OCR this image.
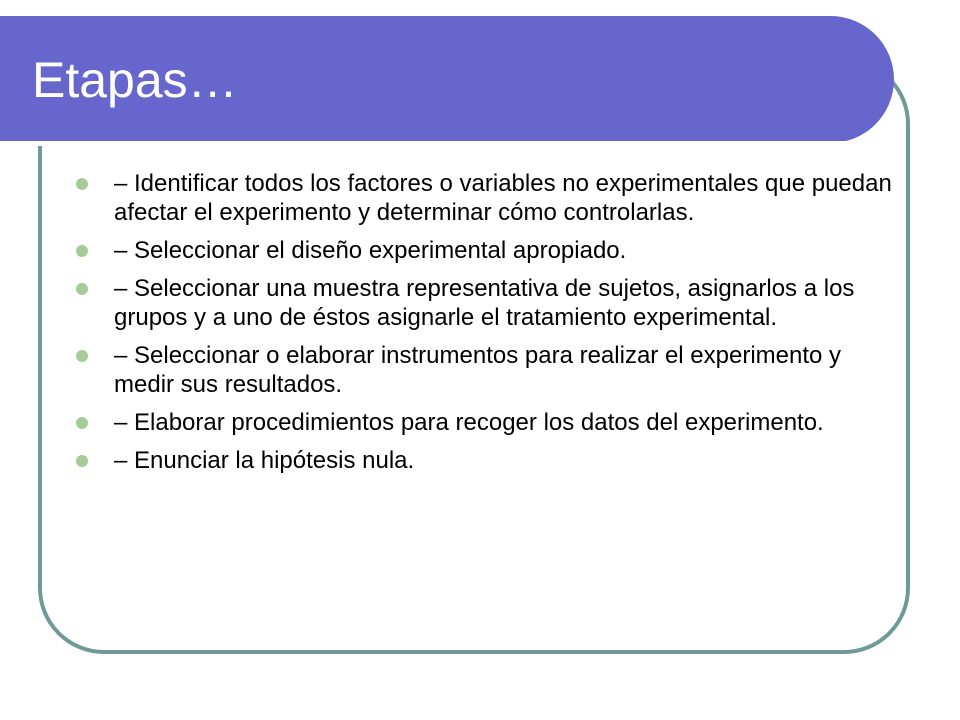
Etapas…
– Identificar todos los factores o variables no experimentales que puedan afectar el experimento y determinar cómo controlarlas.
– Seleccionar el diseño experimental apropiado.
– Seleccionar una muestra representativa de sujetos, asignarlos a los grupos y a uno de éstos asignarle el tratamiento experimental.
– Seleccionar o elaborar instrumentos para realizar el experimento y medir sus resultados.
– Elaborar procedimientos para recoger los datos del experimento.
– Enunciar la hipótesis nula.
